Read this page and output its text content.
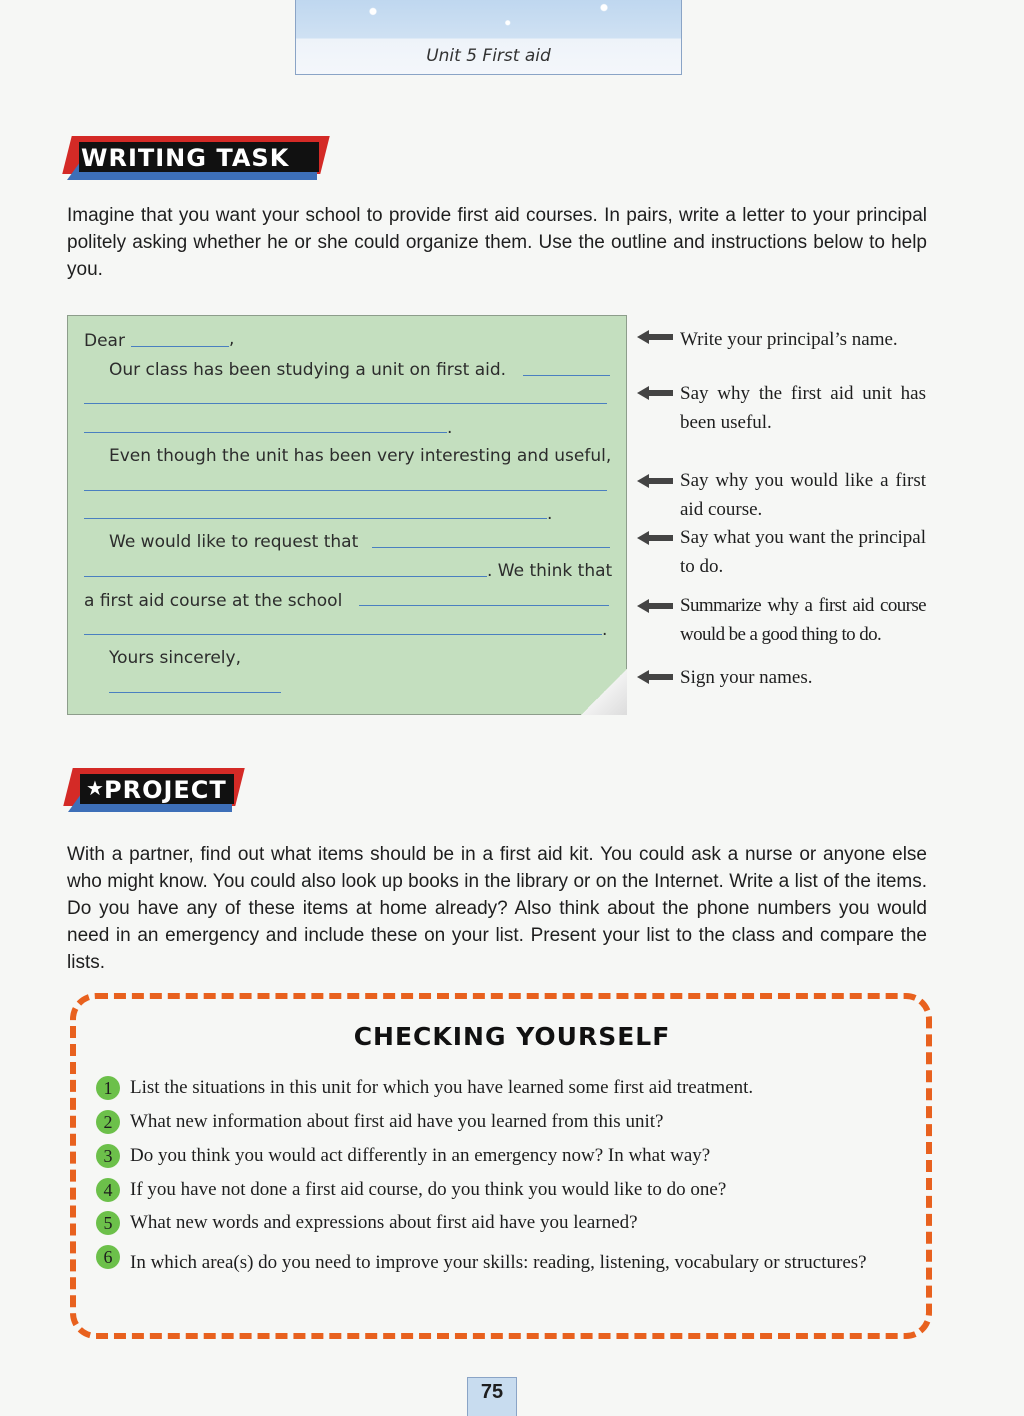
Unit 5 First aid
WRITING TASK
Imagine that you want your school to provide first aid courses. In pairs, write a letter to your principal politely asking whether he or she could organize them. Use the outline and instructions below to help you.
Dear	,
Our class has been studying a unit on first aid.
.
Even though the unit has been very interesting and useful,
.
We would like to request that
. We think that
a first aid course at the school
.
Yours sincerely,
Write your principal’s name.
Say why the first aid unit has been useful.
Say why you would like a first aid course.
Say what you want the principal to do.
Summarize why a first aid course would be a good thing to do.
Sign your names.
★ PROJECT
With a partner, find out what items should be in a first aid kit. You could ask a nurse or anyone else who might know. You could also look up books in the library or on the Internet. Write a list of the items. Do you have any of these items at home already? Also think about the phone numbers you would need in an emergency and include these on your list. Present your list to the class and compare the lists.
CHECKING YOURSELF
1 List the situations in this unit for which you have learned some first aid treatment.
2 What new information about first aid have you learned from this unit?
3 Do you think you would act differently in an emergency now? In what way?
4 If you have not done a first aid course, do you think you would like to do one?
5 What new words and expressions about first aid have you learned?
6 In which area(s) do you need to improve your skills: reading, listening, vocabulary or structures?
75
